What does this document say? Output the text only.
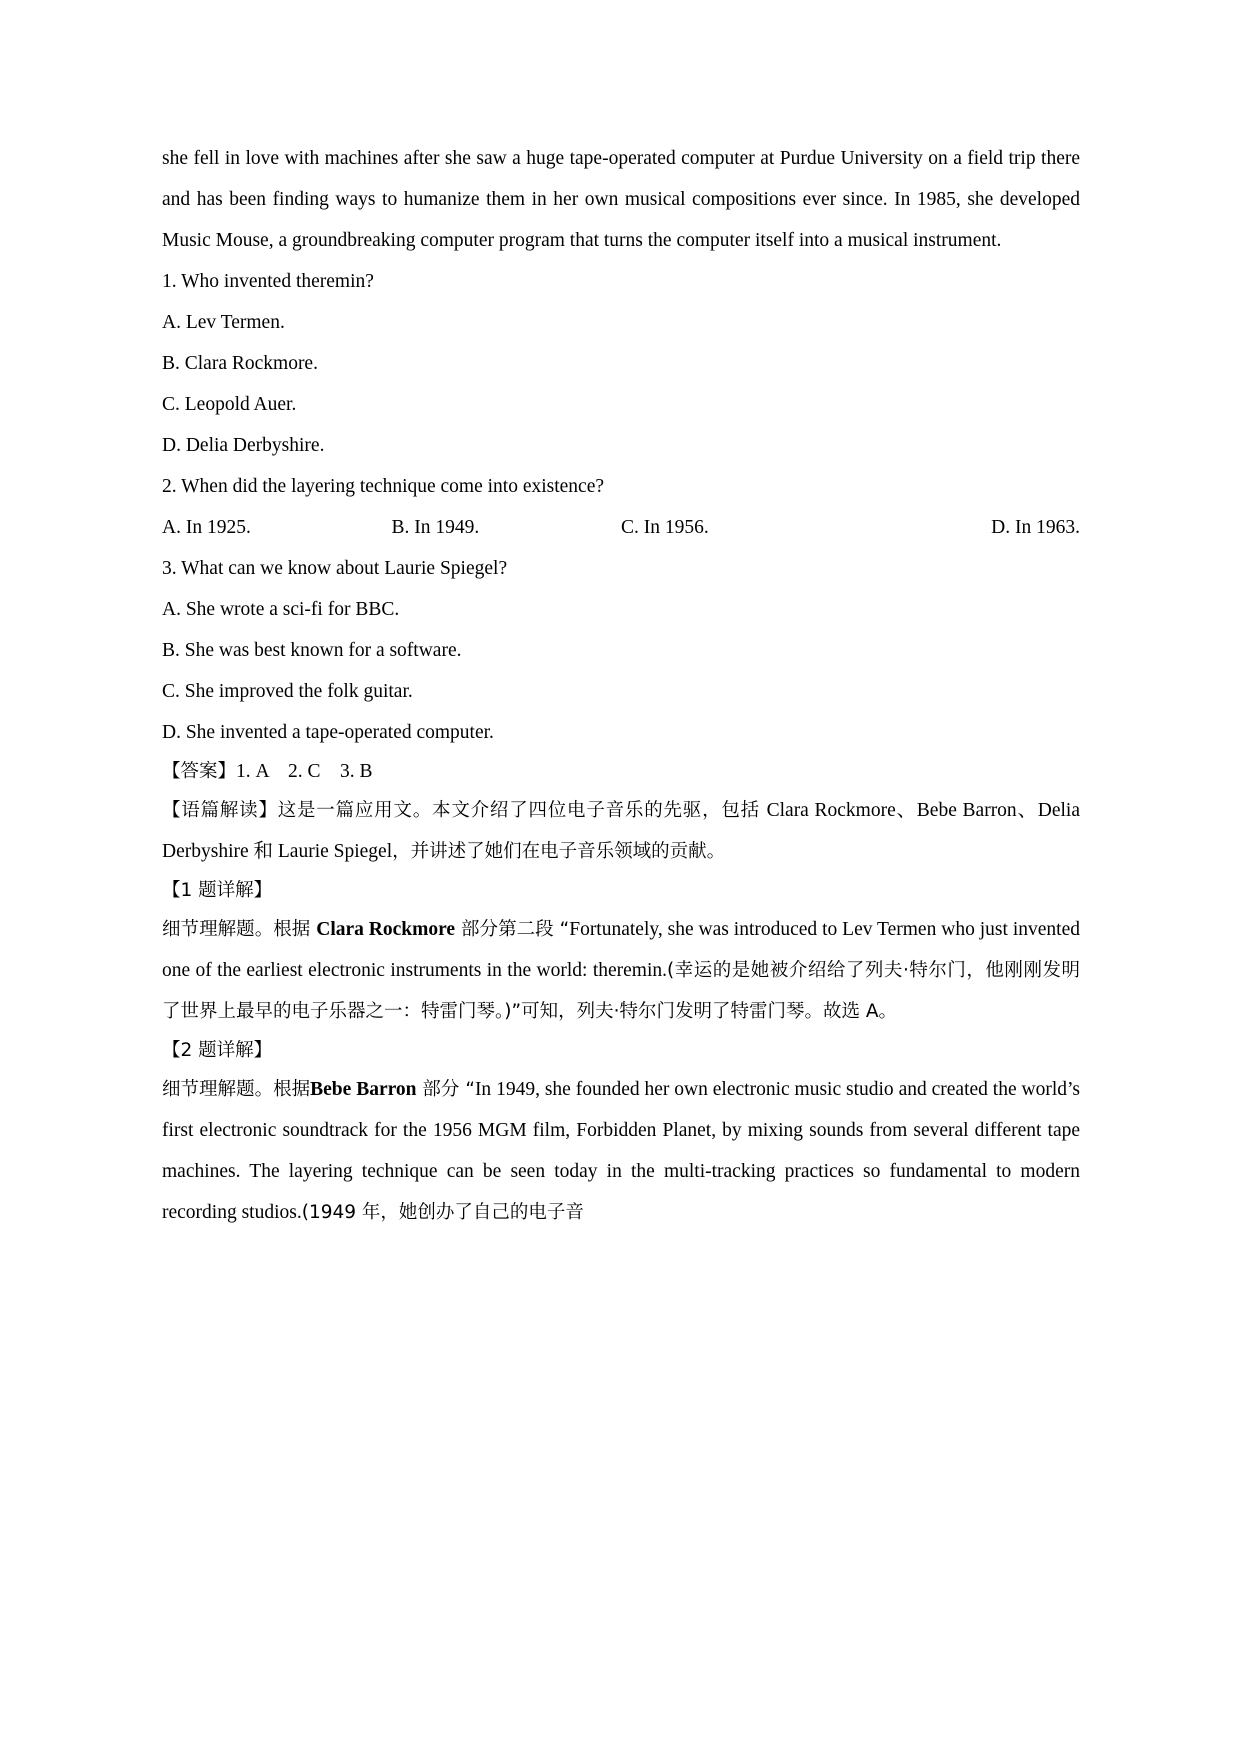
she fell in love with machines after she saw a huge tape-operated computer at Purdue University on a field trip there and has been finding ways to humanize them in her own musical compositions ever since. In 1985, she developed Music Mouse, a groundbreaking computer program that turns the computer itself into a musical instrument.

1. Who invented theremin?

A. Lev Termen.

B. Clara Rockmore.

C. Leopold Auer.

D. Delia Derbyshire.

2. When did the layering technique come into existence?

A. In 1925.	B. In 1949.	C. In 1956.	D. In 1963.

3. What can we know about Laurie Spiegel?

A. She wrote a sci-fi for BBC.

B. She was best known for a software.

C. She improved the folk guitar.

D. She invented a tape-operated computer.

【答案】1. A　2. C　3. B

【语篇解读】这是一篇应用文。本文介绍了四位电子音乐的先驱，包括 Clara Rockmore、Bebe Barron、Delia Derbyshire 和 Laurie Spiegel，并讲述了她们在电子音乐领域的贡献。

【1 题详解】

细节理解题。根据 Clara Rockmore 部分第二段 “Fortunately, she was introduced to Lev Termen who just invented one of the earliest electronic instruments in the world: theremin.(幸运的是她被介绍给了列夫·特尔门，他刚刚发明了世界上最早的电子乐器之一：特雷门琴。)”可知，列夫·特尔门发明了特雷门琴。故选 A。

【2 题详解】

细节理解题。根据Bebe Barron 部分 “In 1949, she founded her own electronic music studio and created the world’s first electronic soundtrack for the 1956 MGM film, Forbidden Planet, by mixing sounds from several different tape machines. The layering technique can be seen today in the multi-tracking practices so fundamental to modern recording studios.(1949 年，她创办了自己的电子音
